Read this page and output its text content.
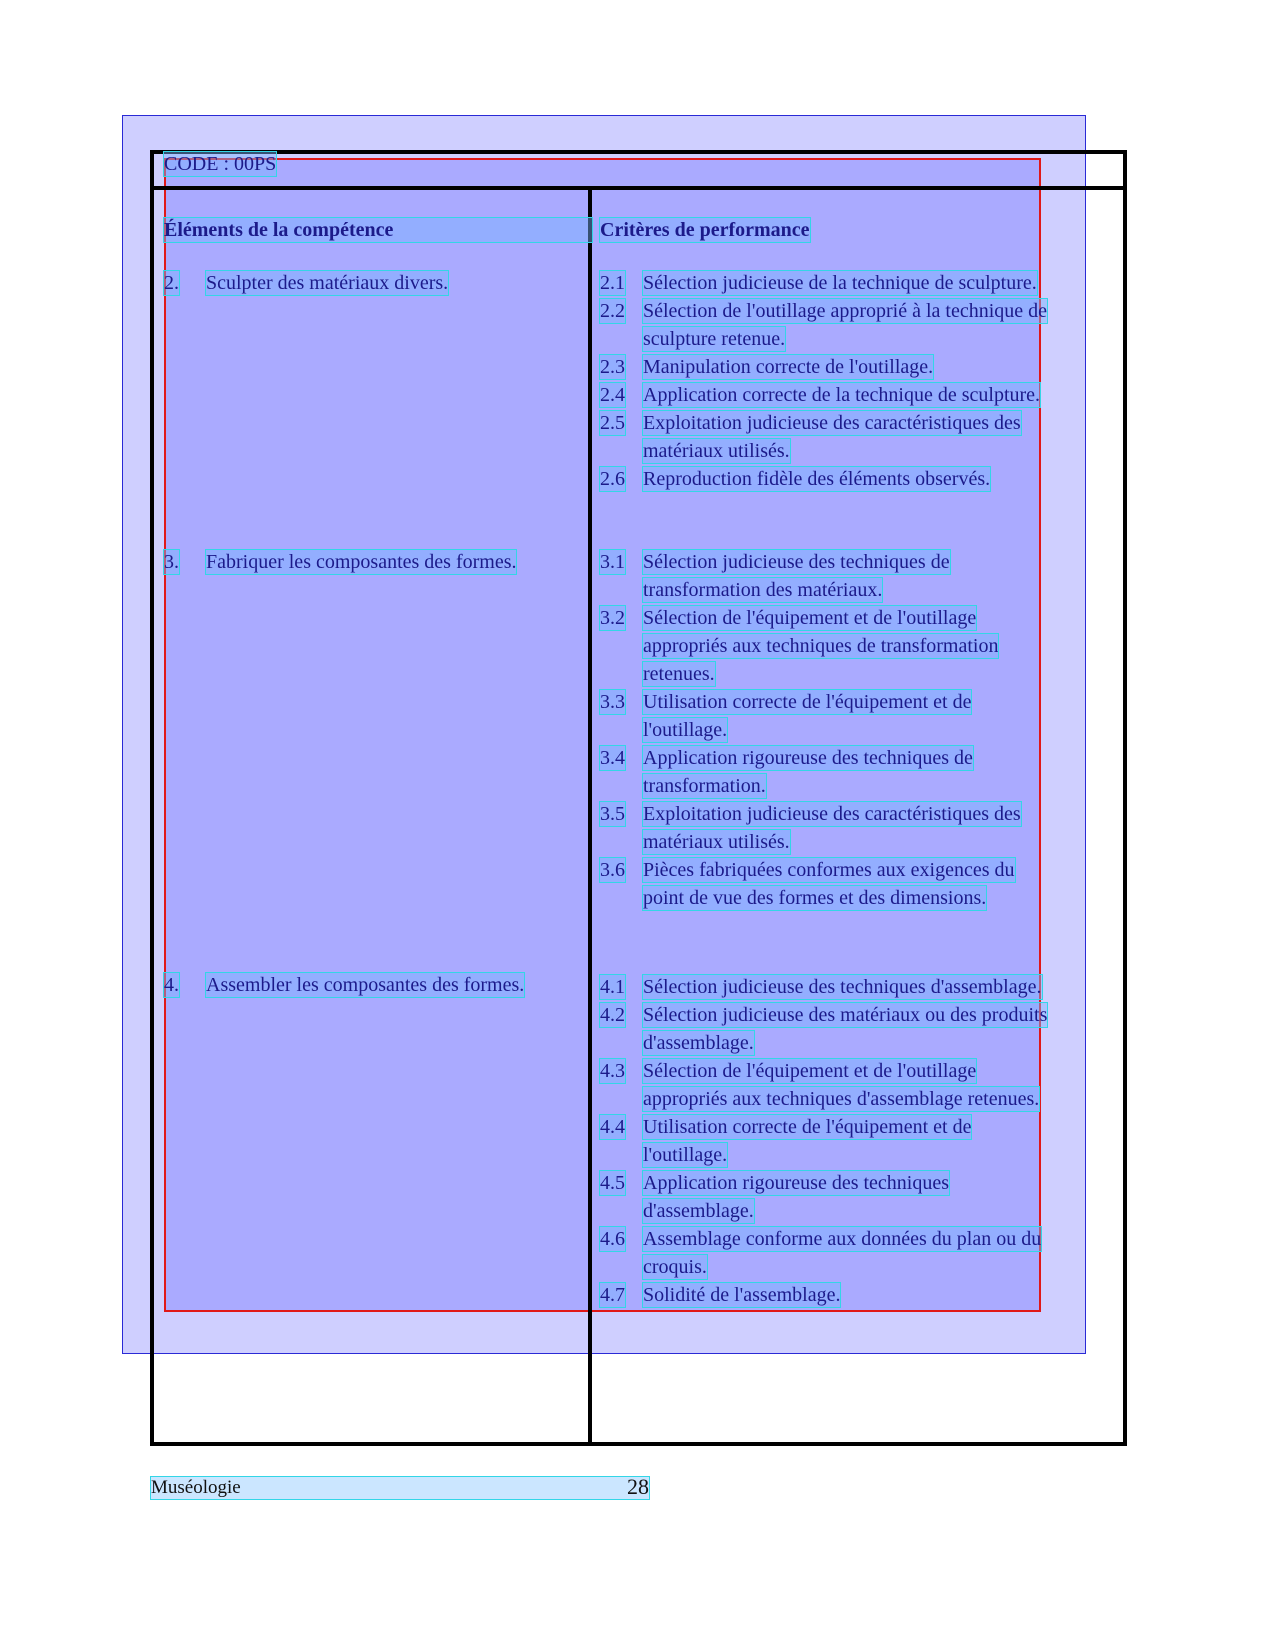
CODE : 00PS
Éléments de la compétence	Critères de performance
2. Sculpter des matériaux divers.
3. Fabriquer les composantes des formes.
4. Assembler les composantes des formes.
2.1 Sélection judicieuse de la technique de sculpture.
2.2 Sélection de l'outillage approprié à la technique de
sculpture retenue.
2.3 Manipulation correcte de l'outillage.
2.4 Application correcte de la technique de sculpture.
2.5 Exploitation judicieuse des caractéristiques des
matériaux utilisés.
2.6 Reproduction fidèle des éléments observés.
3.1 Sélection judicieuse des techniques de
transformation des matériaux.
3.2 Sélection de l'équipement et de l'outillage
appropriés aux techniques de transformation
retenues.
3.3 Utilisation correcte de l'équipement et de
l'outillage.
3.4 Application rigoureuse des techniques de
transformation.
3.5 Exploitation judicieuse des caractéristiques des
matériaux utilisés.
3.6 Pièces fabriquées conformes aux exigences du
point de vue des formes et des dimensions.
4.1 Sélection judicieuse des techniques d'assemblage.
4.2 Sélection judicieuse des matériaux ou des produits
d'assemblage.
4.3 Sélection de l'équipement et de l'outillage
appropriés aux techniques d'assemblage retenues.
4.4 Utilisation correcte de l'équipement et de
l'outillage.
4.5 Application rigoureuse des techniques
d'assemblage.
4.6 Assemblage conforme aux données du plan ou du
croquis.
4.7 Solidité de l'assemblage.
Muséologie	28
